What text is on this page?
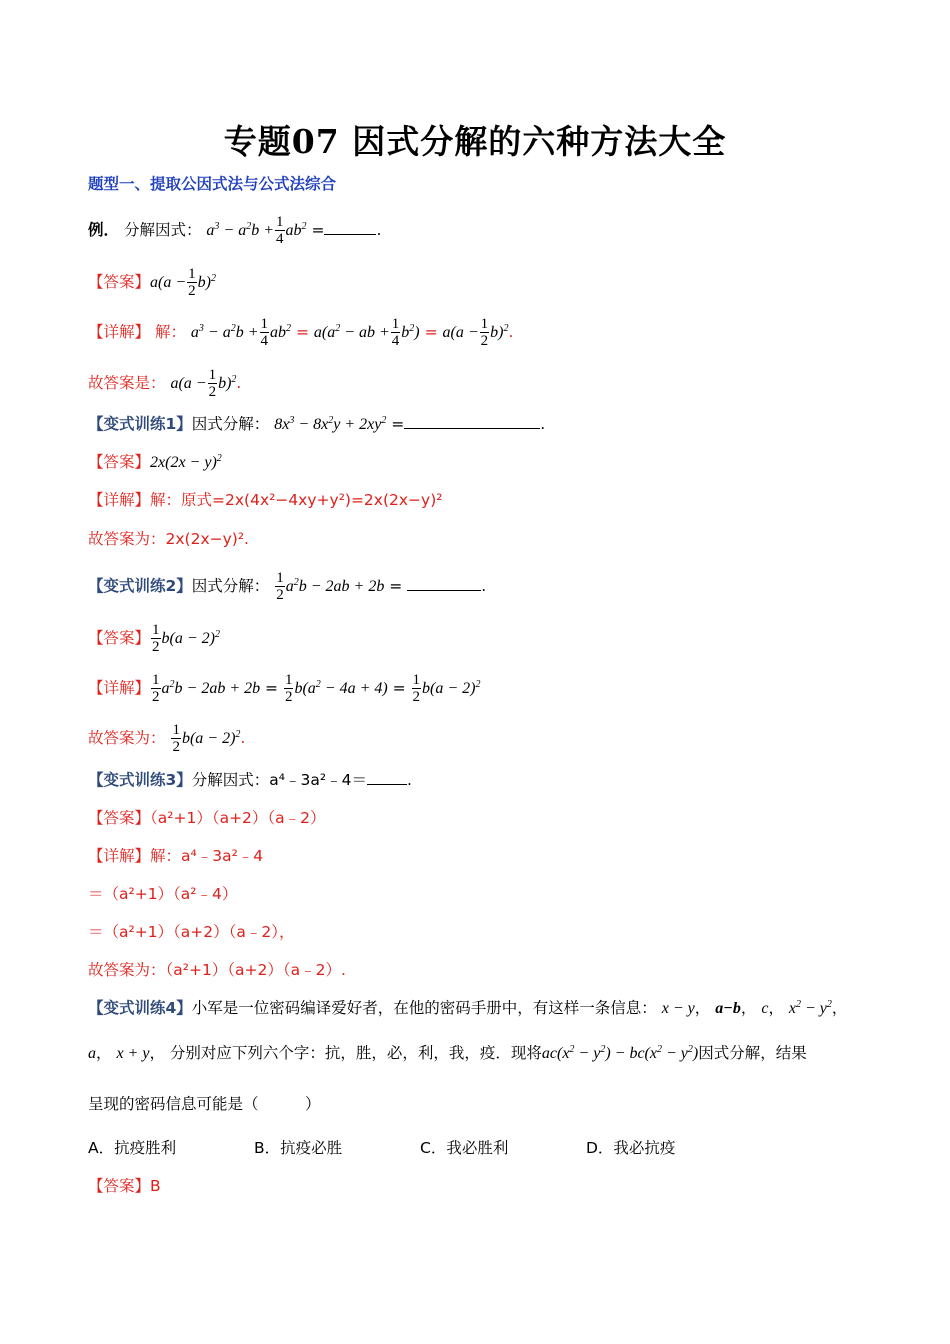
专题07 因式分解的六种方法大全
题型一、提取公因式法与公式法综合
例． 分解因式： $a^3 - a^2b + \frac{1}{4} ab^2$ =	.
【答案】$a(a - \frac{1}{2} b)^2$
【详解】 解： $a^3 - a^2b + \frac{1}{4} ab^2 = a(a^2$ − ab + $\frac{1}{4} b^2) = a(a - \frac{1}{2} b)^2$.
故答案是： $a(a - \frac{1}{2} b)^2$.
【变式训练1】因式分解： $8x^3 - 8x^2y + 2xy^2$ =	.
【答案】$2x(2x - y)^2$
【详解】解：原式=2x(4x²−4xy+y²)=2x(2x−y)²
故答案为：2x(2x−y)².
【变式训练2】因式分解： $\frac{1}{2} a^2b - 2ab + 2b$ =	.
【答案】 $\frac{1}{2} b(a - 2)^2$
【详解】 $\frac{1}{2} a^2b - 2ab + 2b = \frac{1}{2} b(a^2 - 4a + 4) = \frac{1}{2} b(a - 2)^2$
故答案为： $\frac{1}{2} b(a - 2)^2$.
【变式训练3】分解因式：a⁴﹣3a²﹣4＝	.
【答案】（a²+1）（a+2）（a﹣2）
【详解】解：a⁴﹣3a²﹣4
＝（a²+1）（a²﹣4）
＝（a²+1）（a+2）（a﹣2），
故答案为：（a²+1）（a+2）（a﹣2）.
【变式训练4】小军是一位密码编译爱好者，在他的密码手册中，有这样一条信息： x − y， a−b， c， $x^2 - y^2$，
a， x + y， 分别对应下列六个字：抗，胜，必，利，我，疫．现将$ac(x^2 - y^2) - bc(x^2 - y^2)$因式分解，结果
呈现的密码信息可能是（　　　）
A．抗疫胜利	B．抗疫必胜	C．我必胜利	D．我必抗疫
【答案】B
